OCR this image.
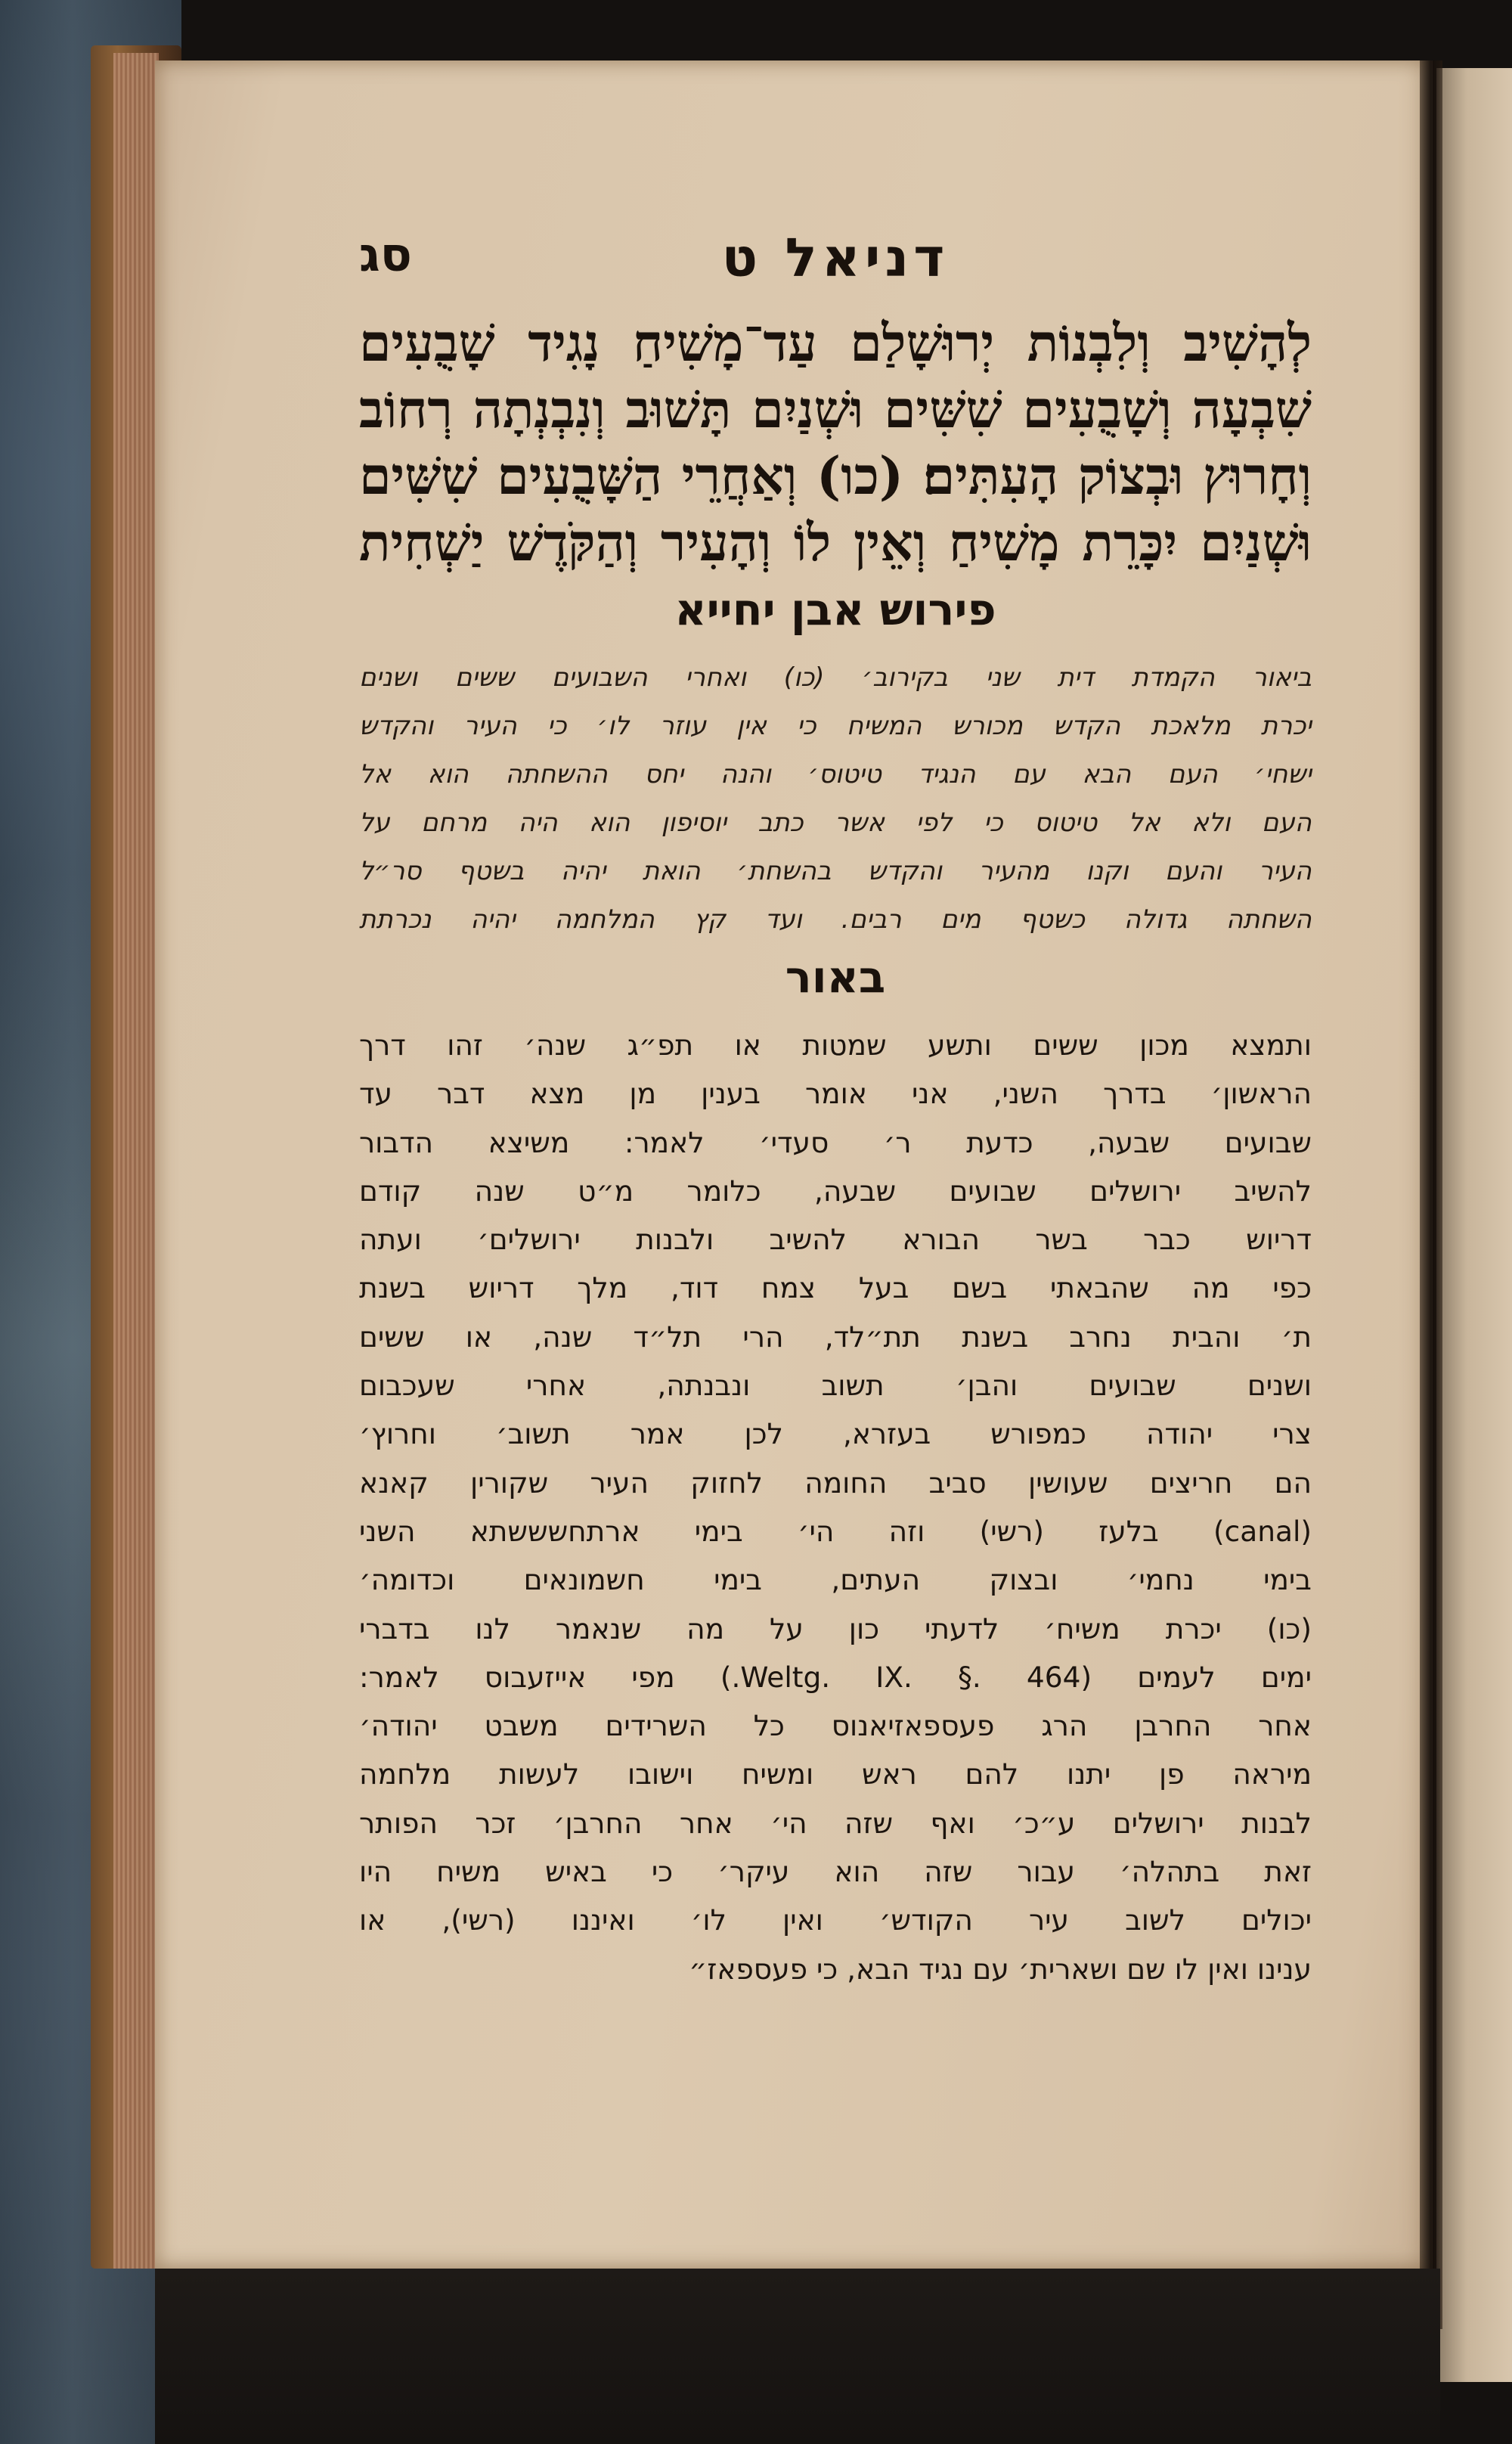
דניאל ט
סג
לְהָשִׁיב וְלִבְנוֹת יְרוּשָׁלַם עַד־מָשִׁיחַ נָגִיד שָׁבֻעִים
שִׁבְעָה וְשָׁבֻעִים שִׁשִּׁים וּשְׁנַיִם תָּשׁוּב וְנִבְנְתָה רְחוֹב
וְחָרוּץ וּבְצוֹק הָעִתִּים׃ (כו) וְאַחֲרֵי הַשָּׁבֻעִים שִׁשִּׁים
וּשְׁנַיִם יִכָּרֵת מָשִׁיחַ וְאֵין לוֹ וְהָעִיר וְהַקֹּדֶשׁ יַשְׁחִית
פירוש אבן יחייא
ביאור הקמדת דית שני בקירוב׳ (כו) ואחרי השבועים ששים ושנים
יכרת מלאכת הקדש מכורש המשיח כי אין עוזר לו׳ כי העיר והקדש
ישחי׳ העם הבא עם הנגיד טיטוס׳ והנה יחס ההשחתה הוא אל
העם ולא אל טיטוס כי לפי אשר כתב יוסיפון הוא היה מרחם על
העיר והעם וקנו מהעיר והקדש בהשחת׳ הואת יהיה בשטף סר״ל
השחתה גדולה כשטף מים רבים. ועד קץ המלחמה יהיה נכרתת
באור
ותמצא מכון ששים ותשע שמטות או תפ״ג שנה׳ זהו דרך
הראשון׳ בדרך השני, אני אומר בענין מן מצא דבר עד
שבועים שבעה, כדעת ר׳ סעדי׳ לאמר: משיצא הדבור
להשיב ירושלים שבועים שבעה, כלומר מ״ט שנה קודם
דריוש כבר בשר הבורא להשיב ולבנות ירושלים׳ ועתה
כפי מה שהבאתי בשם בעל צמח דוד, מלך דריוש בשנת
ת׳ והבית נחרב בשנת תת״לד, הרי תל״ד שנה, או ששים
ושנים שבועים והבן׳ תשוב ונבנתה, אחרי שעכבום
צרי יהודה כמפורש בעזרא, לכן אמר תשוב׳ וחרוץ׳
הם חריצים שעושין סביב החומה לחזוק העיר שקורין קאנא
(canal) בלעז (רשי) וזה הי׳ בימי ארתחשששתא השני
בימי נחמי׳ ובצוק העתים, בימי חשמונאים וכדומה׳
(כו) יכרת משיח׳ לדעתי כון על מה שנאמר לנו בדברי
ימים לעמים (Weltg. IX. §. 464.) מפי אייזעבוס לאמר:
אחר החרבן הרג פעספאזיאנוס כל השרידים משבט יהודה׳
מיראה פן יתנו להם ראש ומשיח וישובו לעשות מלחמה
לבנות ירושלים ע״כ׳ ואף שזה הי׳ אחר החרבן׳ זכר הפותר
זאת בתהלה׳ עבור שזה הוא עיקר׳ כי באיש משיח היו
יכולים לשוב עיר הקודש׳ ואין לו׳ ואיננו (רשי), או
ענינו ואין לו שם ושארית׳ עם נגיד הבא, כי פעספאז״
